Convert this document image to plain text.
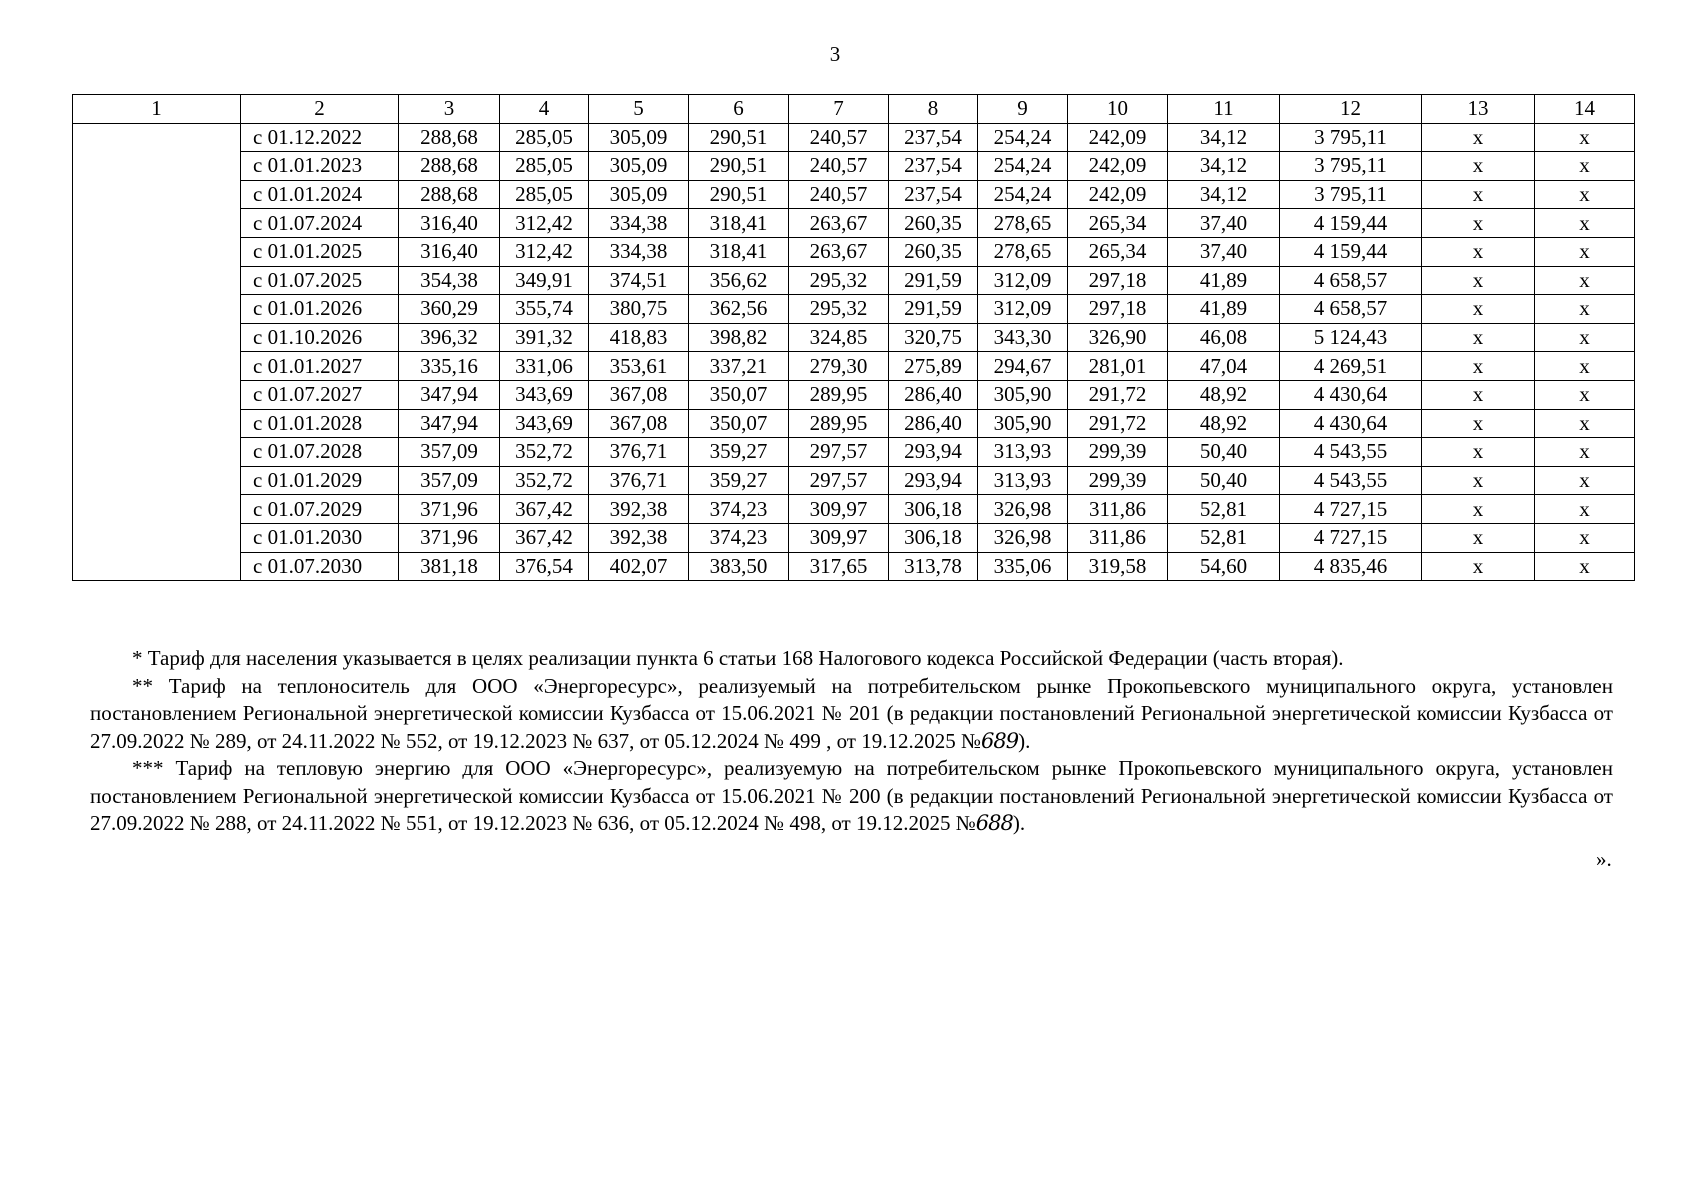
3
1	2	3	4	5	6	7	8	9	10	11	12	13	14
	с 01.12.2022	288,68	285,05	305,09	290,51	240,57	237,54	254,24	242,09	34,12	3 795,11	x	x
	с 01.01.2023	288,68	285,05	305,09	290,51	240,57	237,54	254,24	242,09	34,12	3 795,11	x	x
	с 01.01.2024	288,68	285,05	305,09	290,51	240,57	237,54	254,24	242,09	34,12	3 795,11	x	x
	с 01.07.2024	316,40	312,42	334,38	318,41	263,67	260,35	278,65	265,34	37,40	4 159,44	x	x
	с 01.01.2025	316,40	312,42	334,38	318,41	263,67	260,35	278,65	265,34	37,40	4 159,44	x	x
	с 01.07.2025	354,38	349,91	374,51	356,62	295,32	291,59	312,09	297,18	41,89	4 658,57	x	x
	с 01.01.2026	360,29	355,74	380,75	362,56	295,32	291,59	312,09	297,18	41,89	4 658,57	x	x
	с 01.10.2026	396,32	391,32	418,83	398,82	324,85	320,75	343,30	326,90	46,08	5 124,43	x	x
	с 01.01.2027	335,16	331,06	353,61	337,21	279,30	275,89	294,67	281,01	47,04	4 269,51	x	x
	с 01.07.2027	347,94	343,69	367,08	350,07	289,95	286,40	305,90	291,72	48,92	4 430,64	x	x
	с 01.01.2028	347,94	343,69	367,08	350,07	289,95	286,40	305,90	291,72	48,92	4 430,64	x	x
	с 01.07.2028	357,09	352,72	376,71	359,27	297,57	293,94	313,93	299,39	50,40	4 543,55	x	x
	с 01.01.2029	357,09	352,72	376,71	359,27	297,57	293,94	313,93	299,39	50,40	4 543,55	x	x
	с 01.07.2029	371,96	367,42	392,38	374,23	309,97	306,18	326,98	311,86	52,81	4 727,15	x	x
	с 01.01.2030	371,96	367,42	392,38	374,23	309,97	306,18	326,98	311,86	52,81	4 727,15	x	x
	с 01.07.2030	381,18	376,54	402,07	383,50	317,65	313,78	335,06	319,58	54,60	4 835,46	x	x

* Тариф для населения указывается в целях реализации пункта 6 статьи 168 Налогового кодекса Российской Федерации (часть вторая).

** Тариф на теплоноситель для ООО «Энергоресурс», реализуемый на потребительском рынке Прокопьевского муниципального округа, установлен постановлением Региональной энергетической комиссии Кузбасса от 15.06.2021 № 201 (в редакции постановлений Региональной энергетической комиссии Кузбасса от 27.09.2022 № 289, от 24.11.2022 № 552, от 19.12.2023 № 637, от 05.12.2024 № 499 , от 19.12.2025 №689).

*** Тариф на тепловую энергию для ООО «Энергоресурс», реализуемую на потребительском рынке Прокопьевского муниципального округа, установлен постановлением Региональной энергетической комиссии Кузбасса от 15.06.2021 № 200 (в редакции постановлений Региональной энергетической комиссии Кузбасса от 27.09.2022 № 288, от 24.11.2022 № 551, от 19.12.2023 № 636, от 05.12.2024 № 498, от 19.12.2025 №688).

».
